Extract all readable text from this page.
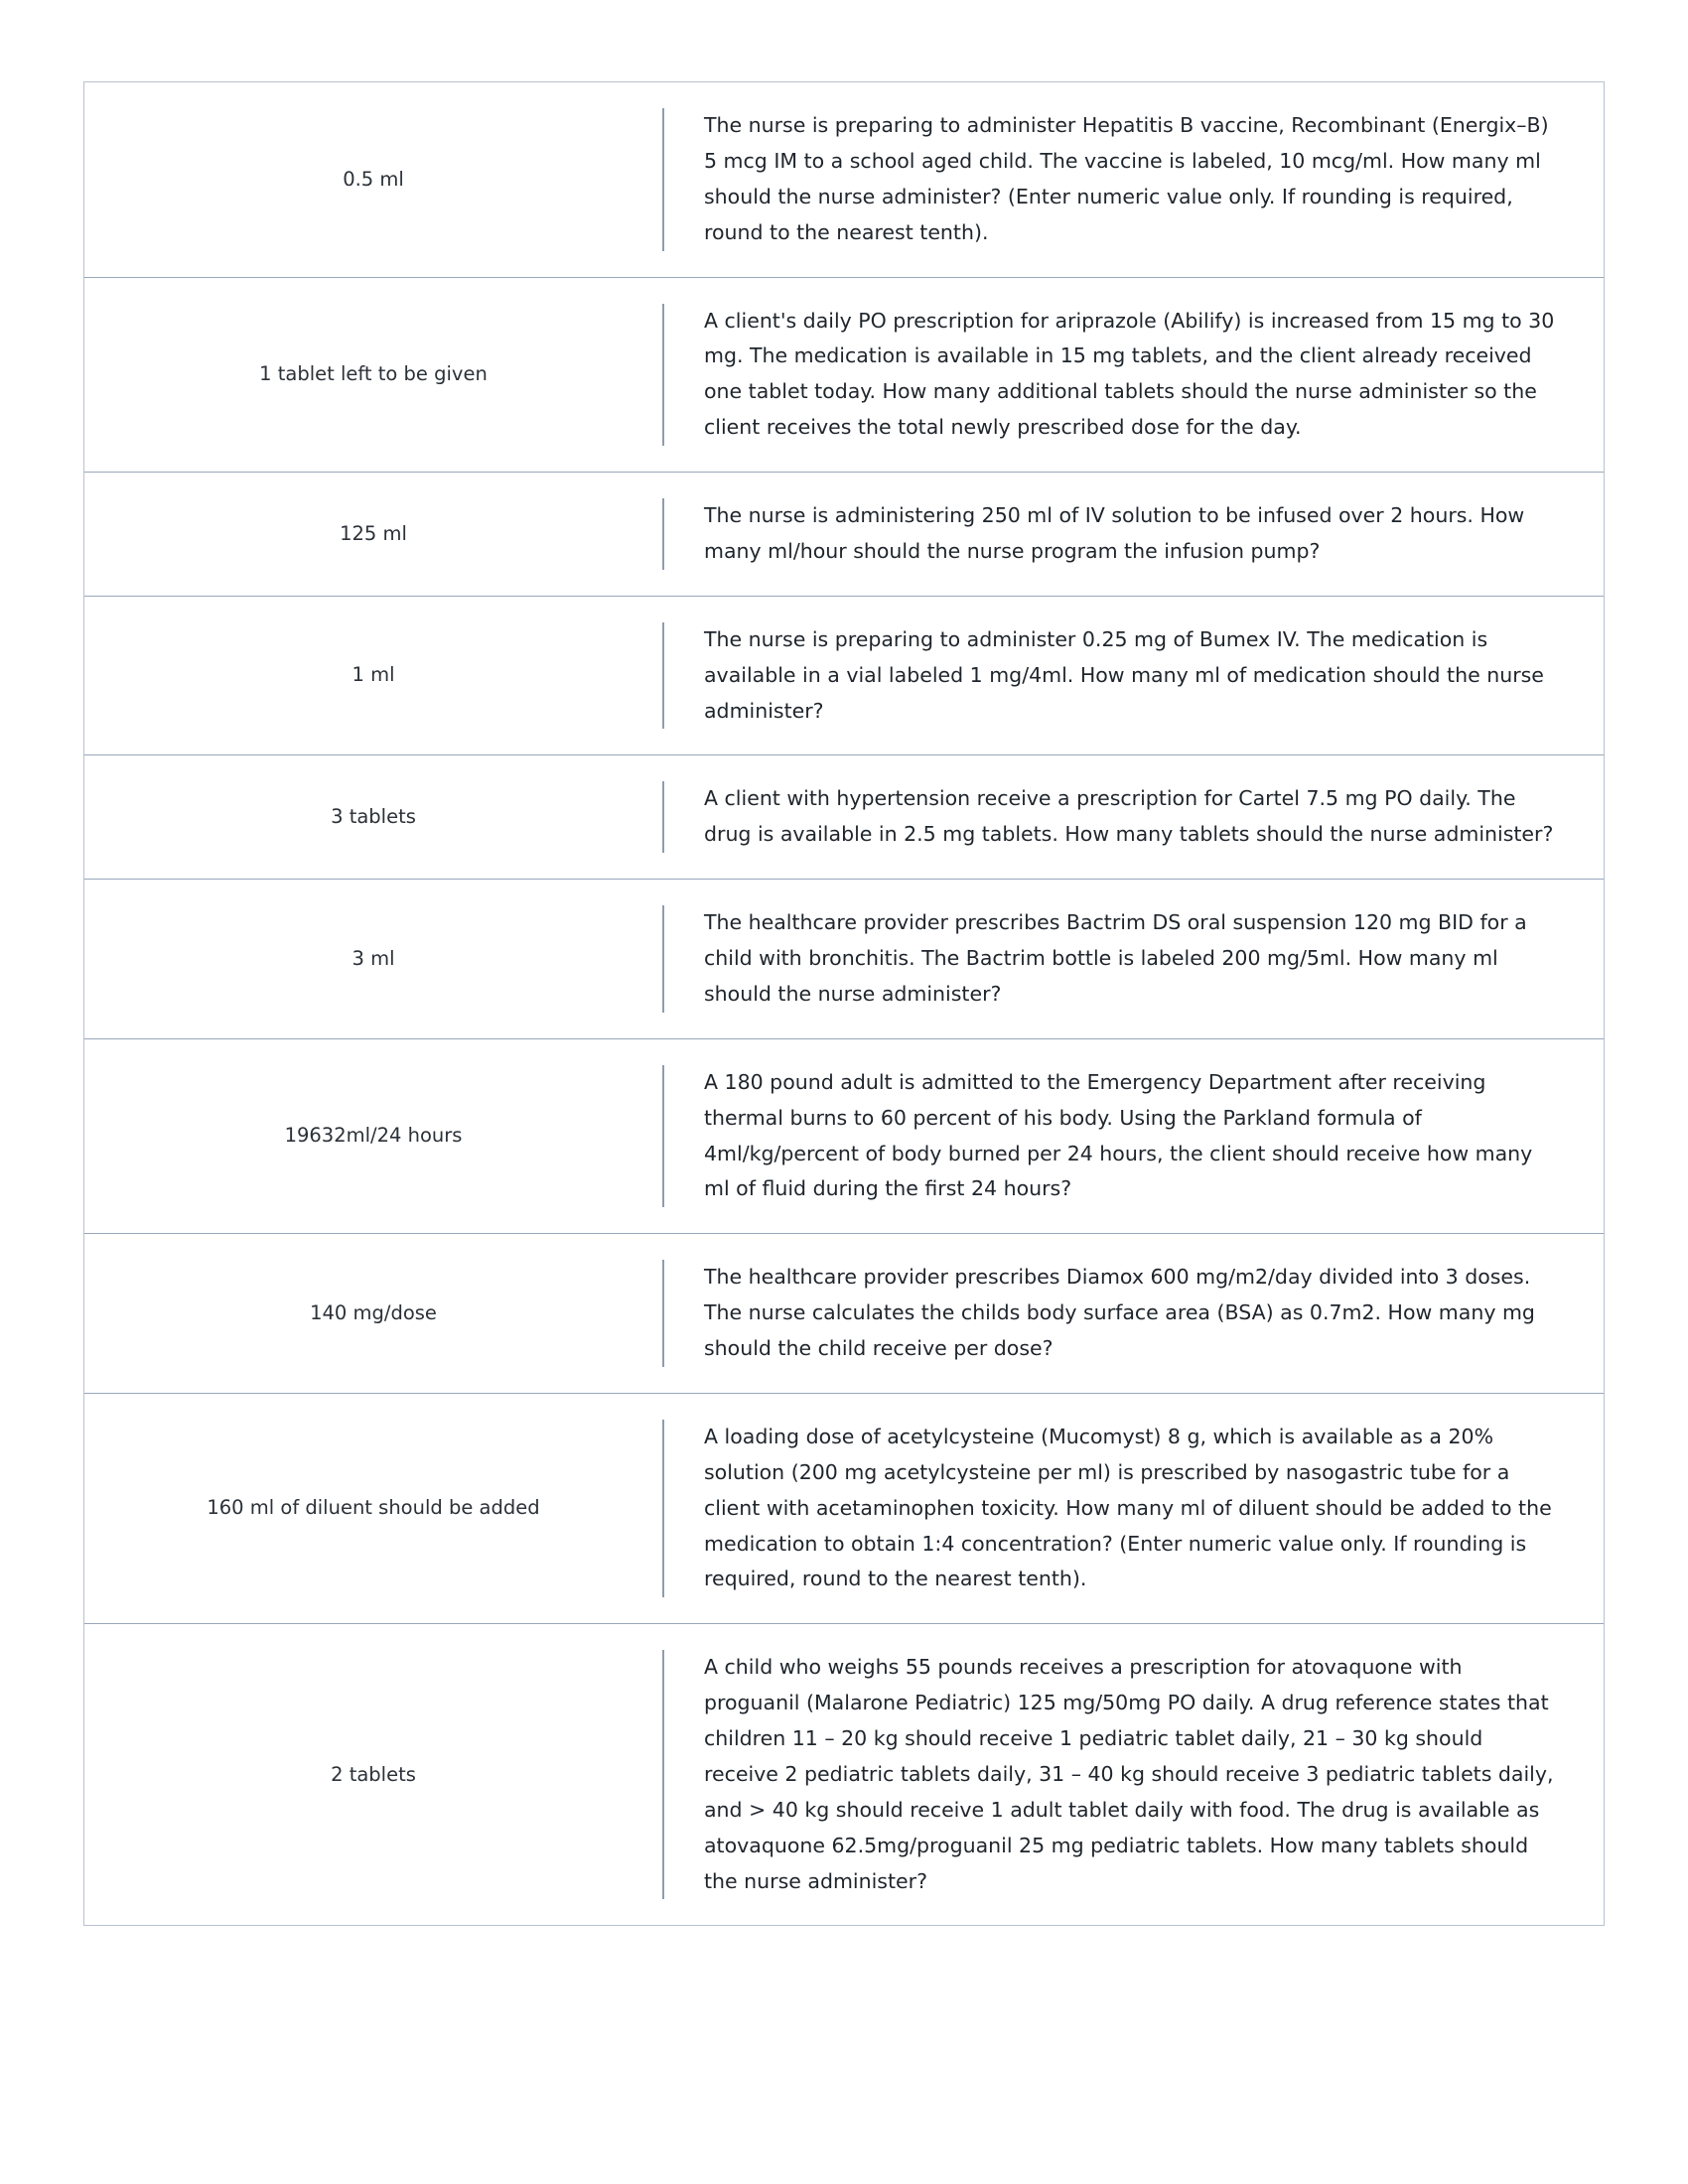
0.5 ml
The nurse is preparing to administer Hepatitis B vaccine, Recombinant (Energix–B) 5 mcg IM to a school aged child. The vaccine is labeled, 10 mcg/ml. How many ml should the nurse administer? (Enter numeric value only. If rounding is required, round to the nearest tenth).
1 tablet left to be given
A client's daily PO prescription for ariprazole (Abilify) is increased from 15 mg to 30 mg. The medication is available in 15 mg tablets, and the client already received one tablet today. How many additional tablets should the nurse administer so the client receives the total newly prescribed dose for the day.
125 ml
The nurse is administering 250 ml of IV solution to be infused over 2 hours. How many ml/hour should the nurse program the infusion pump?
1 ml
The nurse is preparing to administer 0.25 mg of Bumex IV. The medication is available in a vial labeled 1 mg/4ml. How many ml of medication should the nurse administer?
3 tablets
A client with hypertension receive a prescription for Cartel 7.5 mg PO daily. The drug is available in 2.5 mg tablets. How many tablets should the nurse administer?
3 ml
The healthcare provider prescribes Bactrim DS oral suspension 120 mg BID for a child with bronchitis. The Bactrim bottle is labeled 200 mg/5ml. How many ml should the nurse administer?
19632ml/24 hours
A 180 pound adult is admitted to the Emergency Department after receiving thermal burns to 60 percent of his body. Using the Parkland formula of 4ml/kg/percent of body burned per 24 hours, the client should receive how many ml of fluid during the first 24 hours?
140 mg/dose
The healthcare provider prescribes Diamox 600 mg/m2/day divided into 3 doses. The nurse calculates the childs body surface area (BSA) as 0.7m2. How many mg should the child receive per dose?
160 ml of diluent should be added
A loading dose of acetylcysteine (Mucomyst) 8 g, which is available as a 20% solution (200 mg acetylcysteine per ml) is prescribed by nasogastric tube for a client with acetaminophen toxicity. How many ml of diluent should be added to the medication to obtain 1:4 concentration? (Enter numeric value only. If rounding is required, round to the nearest tenth).
2 tablets
A child who weighs 55 pounds receives a prescription for atovaquone with proguanil (Malarone Pediatric) 125 mg/50mg PO daily. A drug reference states that children 11 – 20 kg should receive 1 pediatric tablet daily, 21 – 30 kg should receive 2 pediatric tablets daily, 31 – 40 kg should receive 3 pediatric tablets daily, and > 40 kg should receive 1 adult tablet daily with food. The drug is available as atovaquone 62.5mg/proguanil 25 mg pediatric tablets. How many tablets should the nurse administer?
